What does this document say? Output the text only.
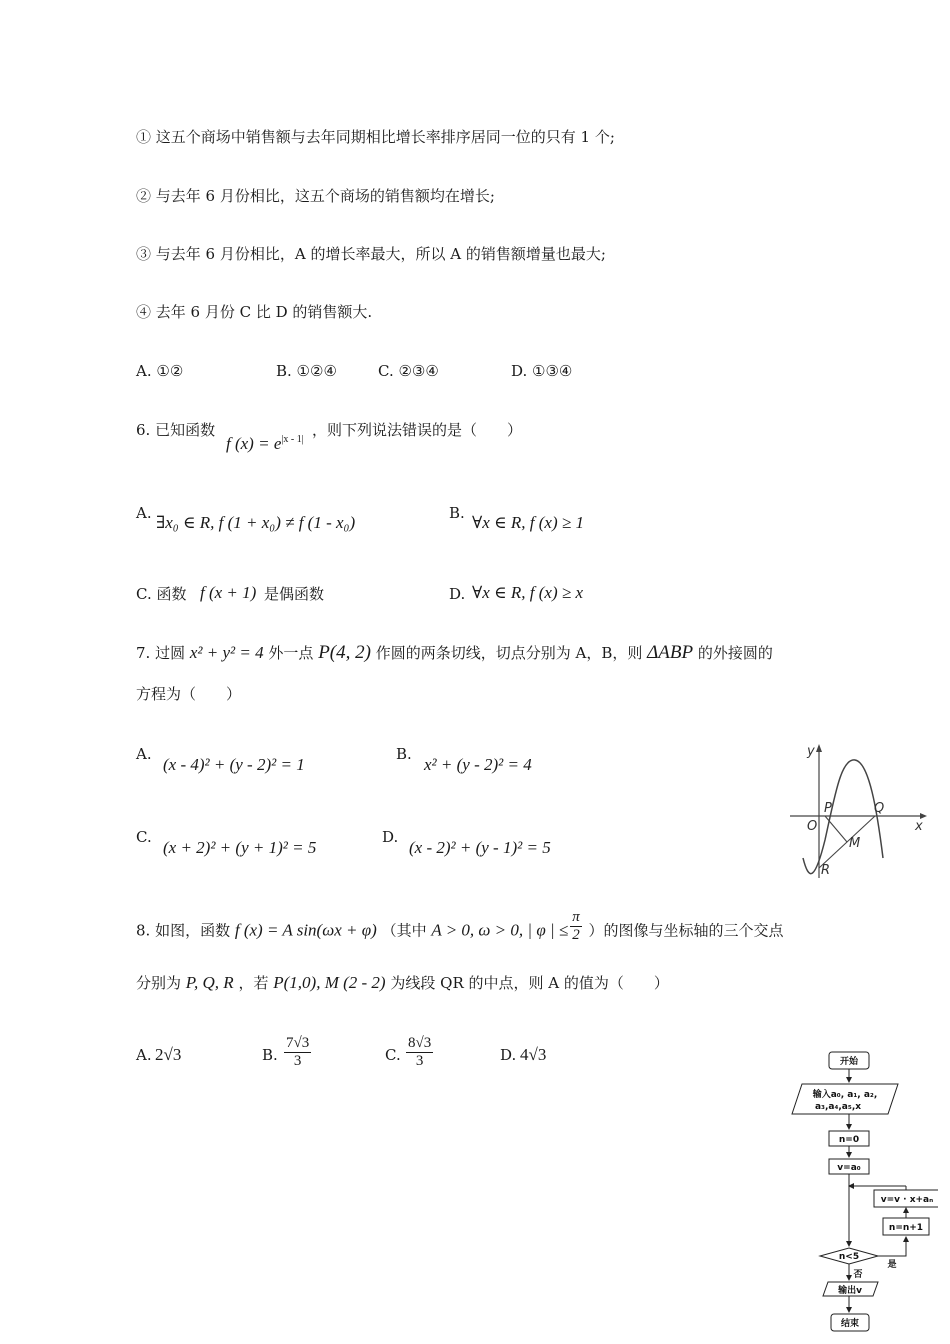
① 这五个商场中销售额与去年同期相比增长率排序居同一位的只有 1 个;
② 与去年 6 月份相比，这五个商场的销售额均在增长;
③ 与去年 6 月份相比，A 的增长率最大，所以 A 的销售额增量也最大;
④ 去年 6 月份 C 比 D 的销售额大.
A. ①②	B. ①②④	C. ②③④	D. ①③④
6. 已知函数
f $(x) = e^{|x - 1|}$
，则下列说法错误的是（　　）
A. ∃x₀ ∈ R, f (1 + x₀) ≠ f (1 - x₀)	B. ∀x ∈ R, f (x) ≥ 1
C. 函数 f (x + 1) 是偶函数	D. ∀x ∈ R, f (x) ≥ x
7. 过圆 x² + y² = 4 外一点 P(4, 2) 作圆的两条切线，切点分别为 A，B，则 ΔABP 的外接圆的
方程为（　　）
A.
(x - 4)² + (y - 2)² = 1
B.
x² + (y - 2)² = 4
C.
(x + 2)² + (y + 1)² = 5
D.
(x - 2)² + (y - 1)² = 5
8. 如图，函数 f (x) = A sin(ωx + φ) （其中 A > 0, ω > 0, | φ | ≤ $\frac{\pi}{2}$ ）的图像与坐标轴的三个交点
分别为 P, Q, R ，若 P(1,0), M (2 - 2) 为线段 QR 的中点，则 A 的值为（　　）
A. 2√3	B. $\frac{7√3}{3}$	C. $\frac{8√3}{3}$	D. 4√3
y
x
O
P	Q
M
R
开始
输入a₀, a₁, a₂,
a₃,a₄,a₅,x
n=0
v=a₀
v=v · x+aₙ
n=n+1
n<5
是
否
输出v
结束
